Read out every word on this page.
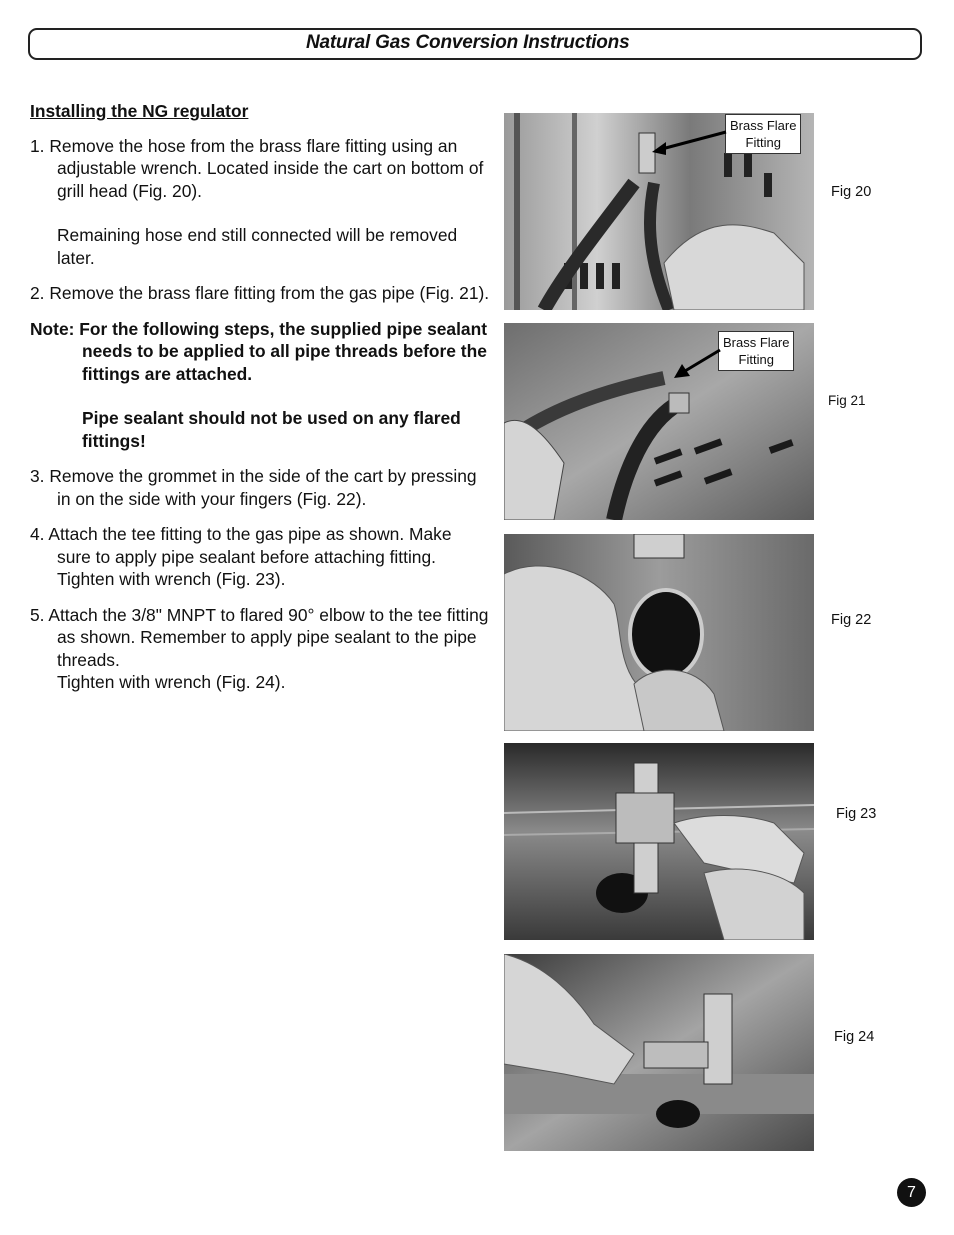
Natural Gas Conversion Instructions

Installing the NG regulator

1. Remove the hose from the brass flare fitting using an adjustable wrench. Located inside the cart on bottom of grill head (Fig. 20).
Remaining hose end still connected will be removed later.

2. Remove the brass flare fitting from the gas pipe (Fig. 21).

Note: For the following steps, the supplied pipe sealant needs to be applied to all pipe threads before the fittings are attached.
Pipe sealant should not be used on any flared fittings!

3. Remove the grommet in the side of the cart by pressing in on the side with your fingers (Fig. 22).

4. Attach the tee fitting to the gas pipe as shown. Make sure to apply pipe sealant before attaching fitting. Tighten with wrench (Fig. 23).

5. Attach the 3/8" MNPT to flared 90° elbow to the tee fitting as shown. Remember to apply pipe sealant to the pipe threads.
Tighten with wrench (Fig. 24).

Brass Flare
Fitting
Fig 20
Brass Flare
Fitting
Fig 21
Fig 22
Fig 23
Fig 24
7
